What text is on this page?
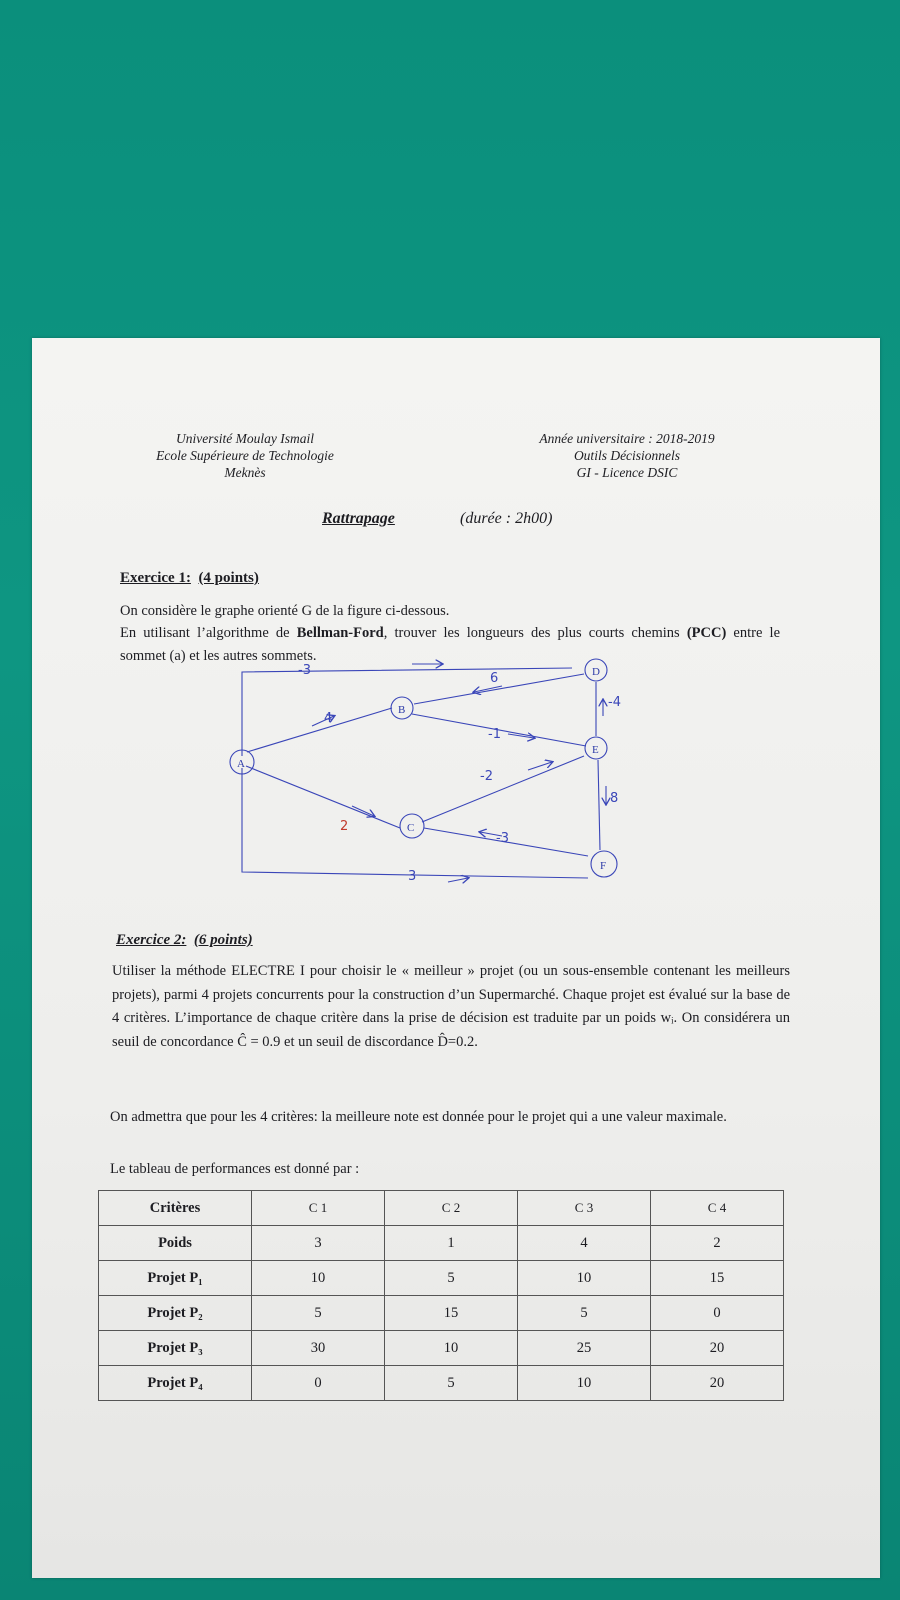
Université Moulay Ismail
Ecole Supérieure de Technologie
Meknès
Année universitaire : 2018-2019
Outils Décisionnels
GI - Licence DSIC
Rattrapage	(durée : 2h00)
Exercice 1: (4 points)
On considère le graphe orienté G de la figure ci-dessous.
En utilisant l’algorithme de Bellman-Ford, trouver les longueurs des plus courts chemins (PCC) entre le sommet (a) et les autres sommets.
A
B
C
D
E
F
-3
4
2
3
6
-1
-4
8
-2
-3
Exercice 2: (6 points)
Utiliser la méthode ELECTRE I pour choisir le « meilleur » projet (ou un sous-ensemble contenant les meilleurs projets), parmi 4 projets concurrents pour la construction d’un Supermarché. Chaque projet est évalué sur la base de 4 critères. L’importance de chaque critère dans la prise de décision est traduite par un poids wᵢ. On considérera un seuil de concordance Ĉ = 0.9 et un seuil de discordance D̂=0.2.
On admettra que pour les 4 critères: la meilleure note est donnée pour le projet qui a une valeur maximale.
Le tableau de performances est donné par :
Critères	C 1	C 2	C 3	C 4
Poids	3	1	4	2
Projet P₁	10	5	10	15
Projet P₂	5	15	5	0
Projet P₃	30	10	25	20
Projet P₄	0	5	10	20
